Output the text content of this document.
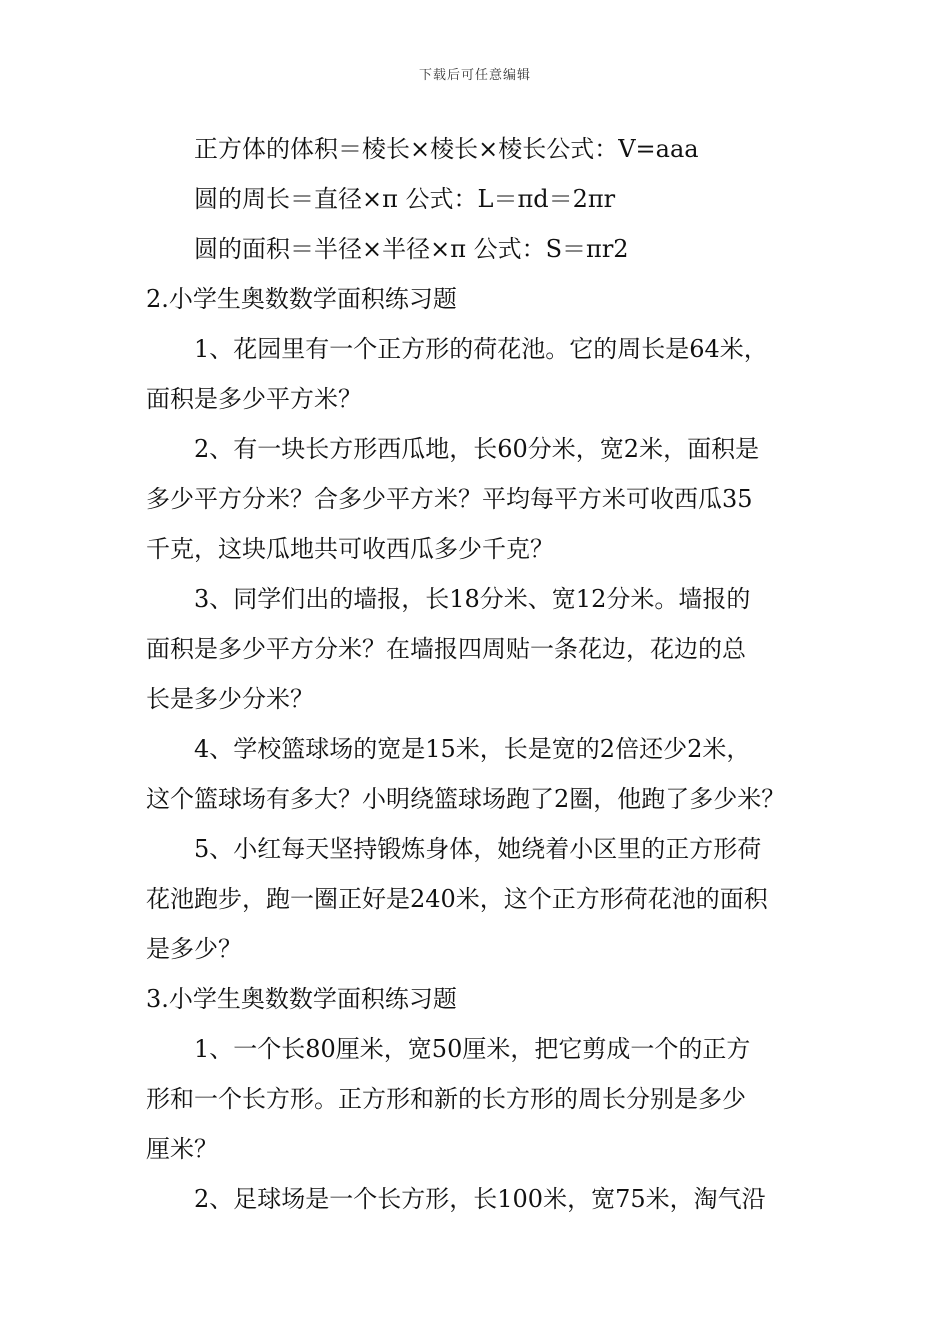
下载后可任意编辑
正方体的体积＝棱长×棱长×棱长公式：V=aaa
圆的周长＝直径×π 公式：L＝πd＝2πr
圆的面积＝半径×半径×π 公式：S＝πr2
2.小学生奥数数学面积练习题
1、花园里有一个正方形的荷花池。它的周长是64米，
面积是多少平方米？
2、有一块长方形西瓜地，长60分米，宽2米，面积是
多少平方分米？合多少平方米？平均每平方米可收西瓜35
千克，这块瓜地共可收西瓜多少千克？
3、同学们出的墙报，长18分米、宽12分米。墙报的
面积是多少平方分米？在墙报四周贴一条花边，花边的总
长是多少分米？
4、学校篮球场的宽是15米，长是宽的2倍还少2米，
这个篮球场有多大？小明绕篮球场跑了2圈，他跑了多少米？
5、小红每天坚持锻炼身体，她绕着小区里的正方形荷
花池跑步，跑一圈正好是240米，这个正方形荷花池的面积
是多少？
3.小学生奥数数学面积练习题
1、一个长80厘米，宽50厘米，把它剪成一个的正方
形和一个长方形。正方形和新的长方形的周长分别是多少
厘米？
2、足球场是一个长方形，长100米，宽75米，淘气沿
